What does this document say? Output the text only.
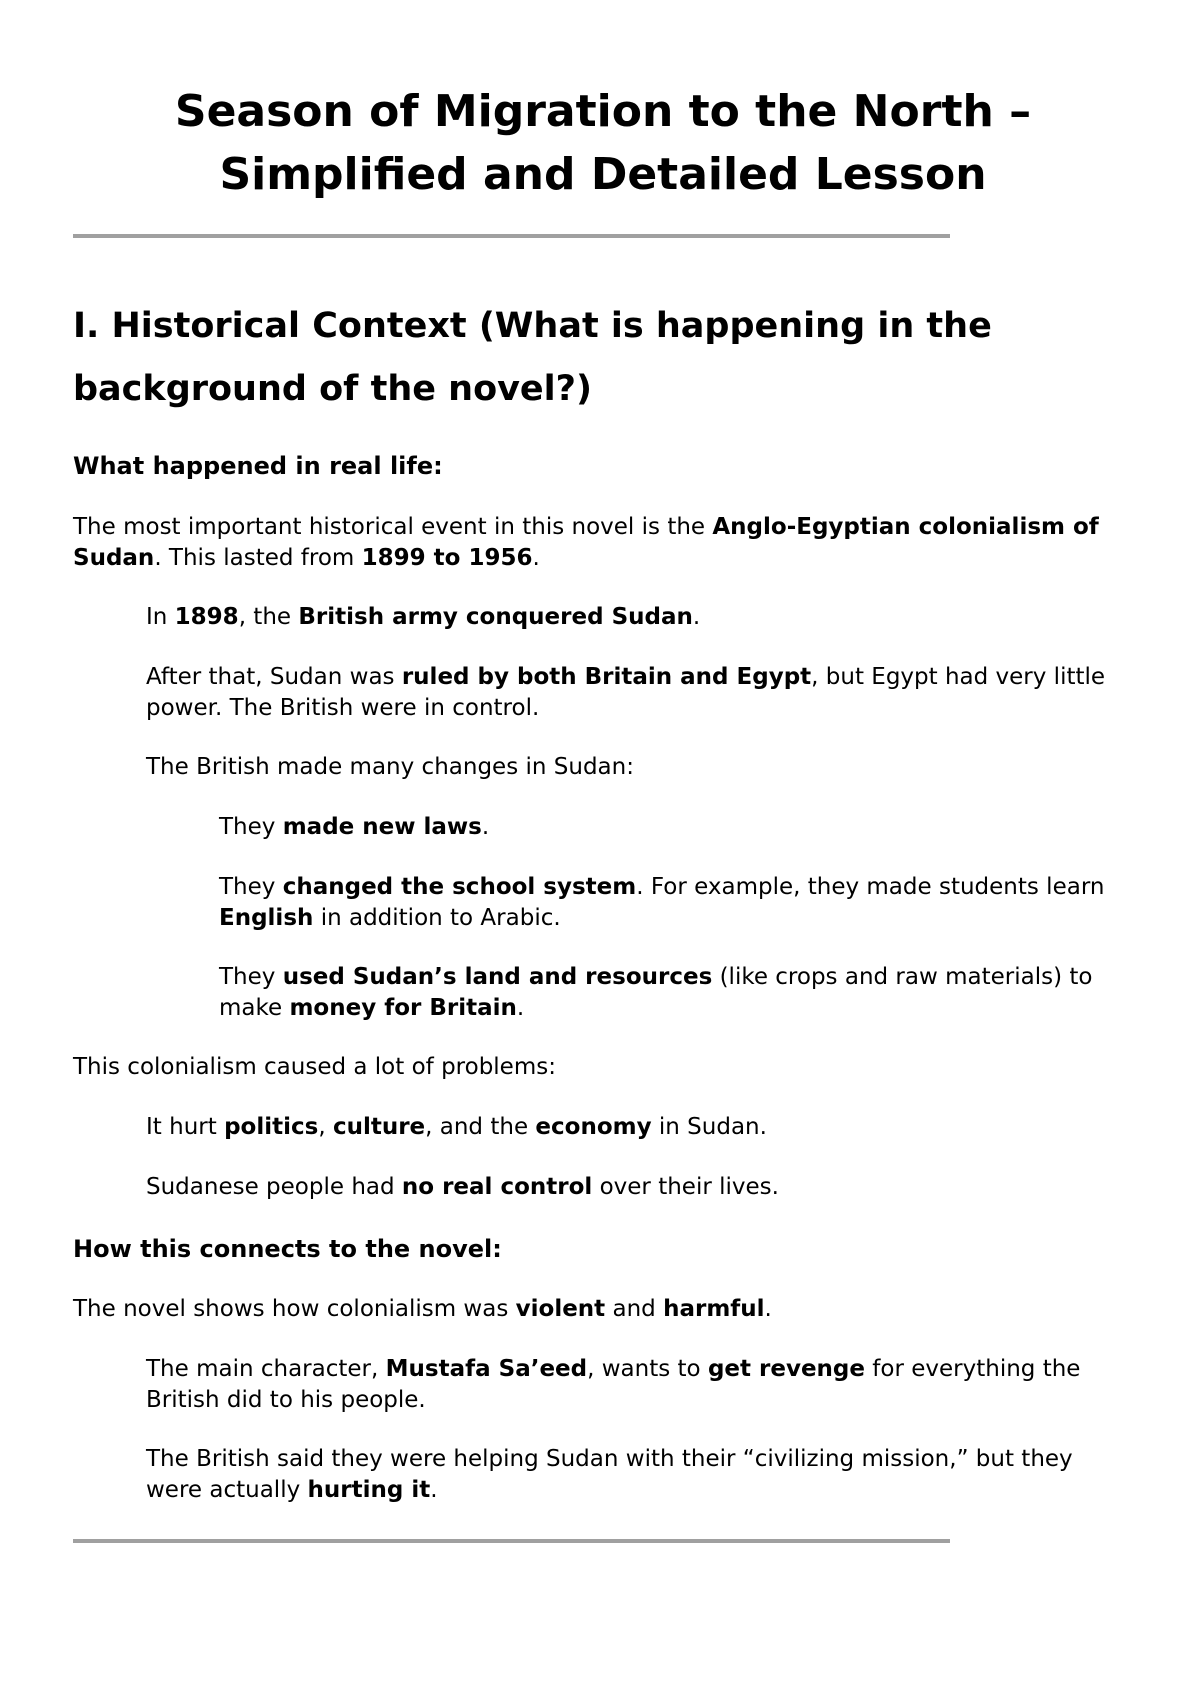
Season of Migration to the North –
Simplified and Detailed Lesson
I. Historical Context (What is happening in the
background of the novel?)
What happened in real life:

The most important historical event in this novel is the Anglo-Egyptian colonialism of Sudan. This lasted from 1899 to 1956.

In 1898, the British army conquered Sudan.

After that, Sudan was ruled by both Britain and Egypt, but Egypt had very little power. The British were in control.

The British made many changes in Sudan:

They made new laws.

They changed the school system. For example, they made students learn English in addition to Arabic.

They used Sudan’s land and resources (like crops and raw materials) to make money for Britain.

This colonialism caused a lot of problems:

It hurt politics, culture, and the economy in Sudan.

Sudanese people had no real control over their lives.

How this connects to the novel:

The novel shows how colonialism was violent and harmful.

The main character, Mustafa Sa’eed, wants to get revenge for everything the British did to his people.

The British said they were helping Sudan with their “civilizing mission,” but they were actually hurting it.
